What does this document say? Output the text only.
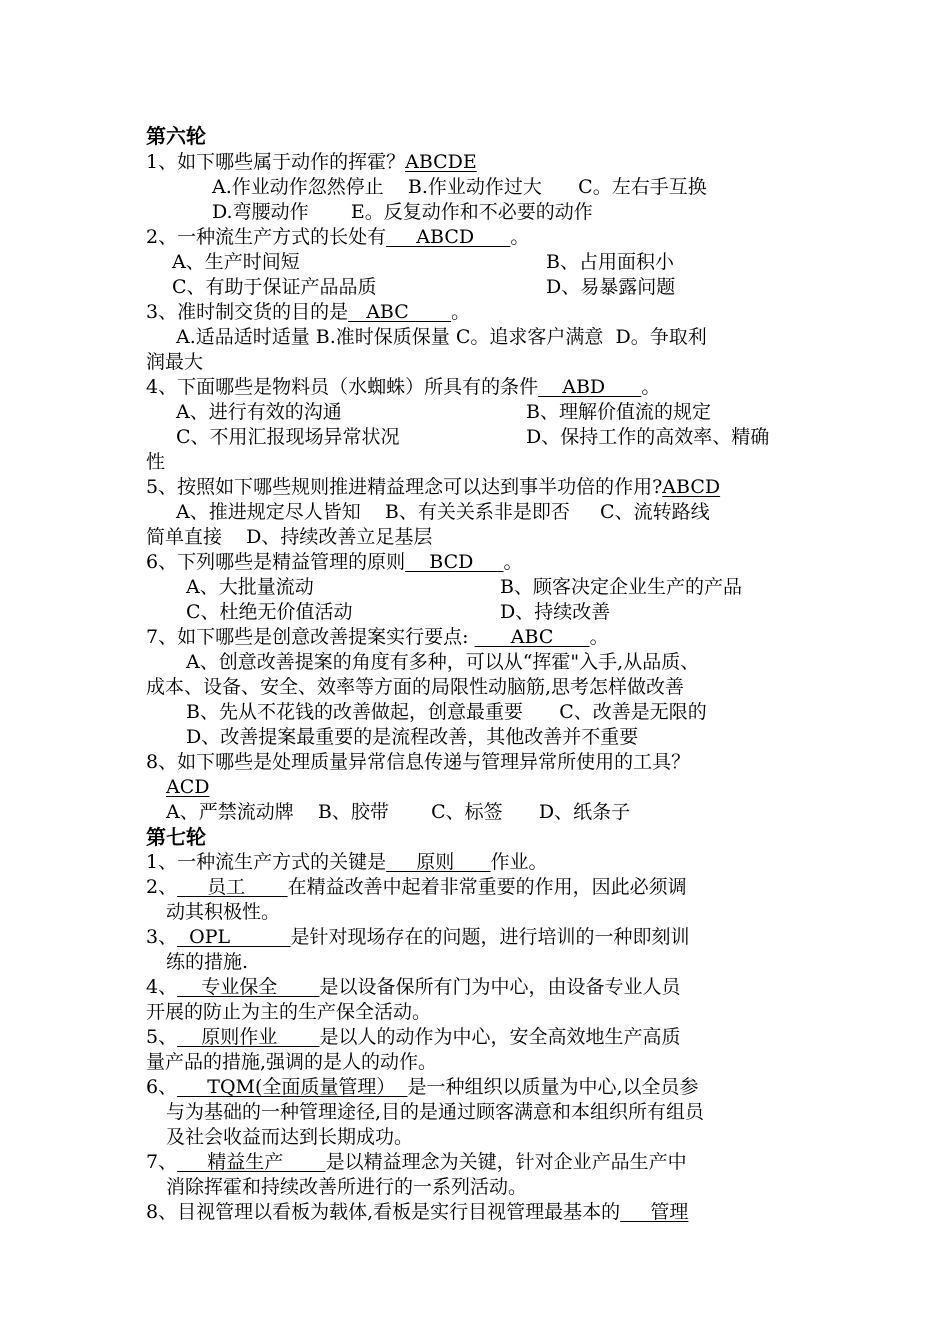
第六轮
1、如下哪些属于动作的挥霍？ABCDE
A.作业动作忽然停止    B.作业动作过大      C。左右手互换
D.弯腰动作       E。反复动作和不必要的动作
2、一种流生产方式的长处有     ABCD      。
A、生产时间短	B、占用面积小
C、有助于保证产品品质	D、易暴露问题
3、准时制交货的目的是   ABC       。
A.适品适时适量 B.准时保质保量 C。追求客户满意  D。争取利
润最大
4、下面哪些是物料员（水蜘蛛）所具有的条件    ABD      。
A、进行有效的沟通	B、理解价值流的规定
C、不用汇报现场异常状况	D、保持工作的高效率、精确
性
5、按照如下哪些规则推进精益理念可以达到事半功倍的作用?ABCD
A、推进规定尽人皆知    B、有关关系非是即否     C、流转路线
简单直接    D、持续改善立足基层
6、下列哪些是精益管理的原则    BCD     。
A、大批量流动	B、顾客决定企业生产的产品
C、杜绝无价值活动	D、持续改善
7、如下哪些是创意改善提案实行要点:       ABC      。
A、创意改善提案的角度有多种，可以从“挥霍"入手,从品质、
成本、设备、安全、效率等方面的局限性动脑筋,思考怎样做改善
B、先从不花钱的改善做起，创意最重要      C、改善是无限的
D、改善提案最重要的是流程改善，其他改善并不重要
8、如下哪些是处理质量异常信息传递与管理异常所使用的工具？
ACD
A、严禁流动牌    B、胶带       C、标签      D、纸条子
第七轮
1、一种流生产方式的关键是     原则      作业。
2、     员工       在精益改善中起着非常重要的作用，因此必须调
动其积极性。
3、  OPL          是针对现场存在的问题，进行培训的一种即刻训
练的措施.
4、    专业保全       是以设备保所有门为中心，由设备专业人员
开展的防止为主的生产保全活动。
5、    原则作业       是以人的动作为中心，安全高效地生产高质
量产品的措施,强调的是人的动作。
6、     TQM(全面质量管理）  是一种组织以质量为中心,以全员参
与为基础的一种管理途径,目的是通过顾客满意和本组织所有组员
及社会收益而达到长期成功。
7、     精益生产       是以精益理念为关键，针对企业产品生产中
消除挥霍和持续改善所进行的一系列活动。
8、目视管理以看板为载体,看板是实行目视管理最基本的     管理
